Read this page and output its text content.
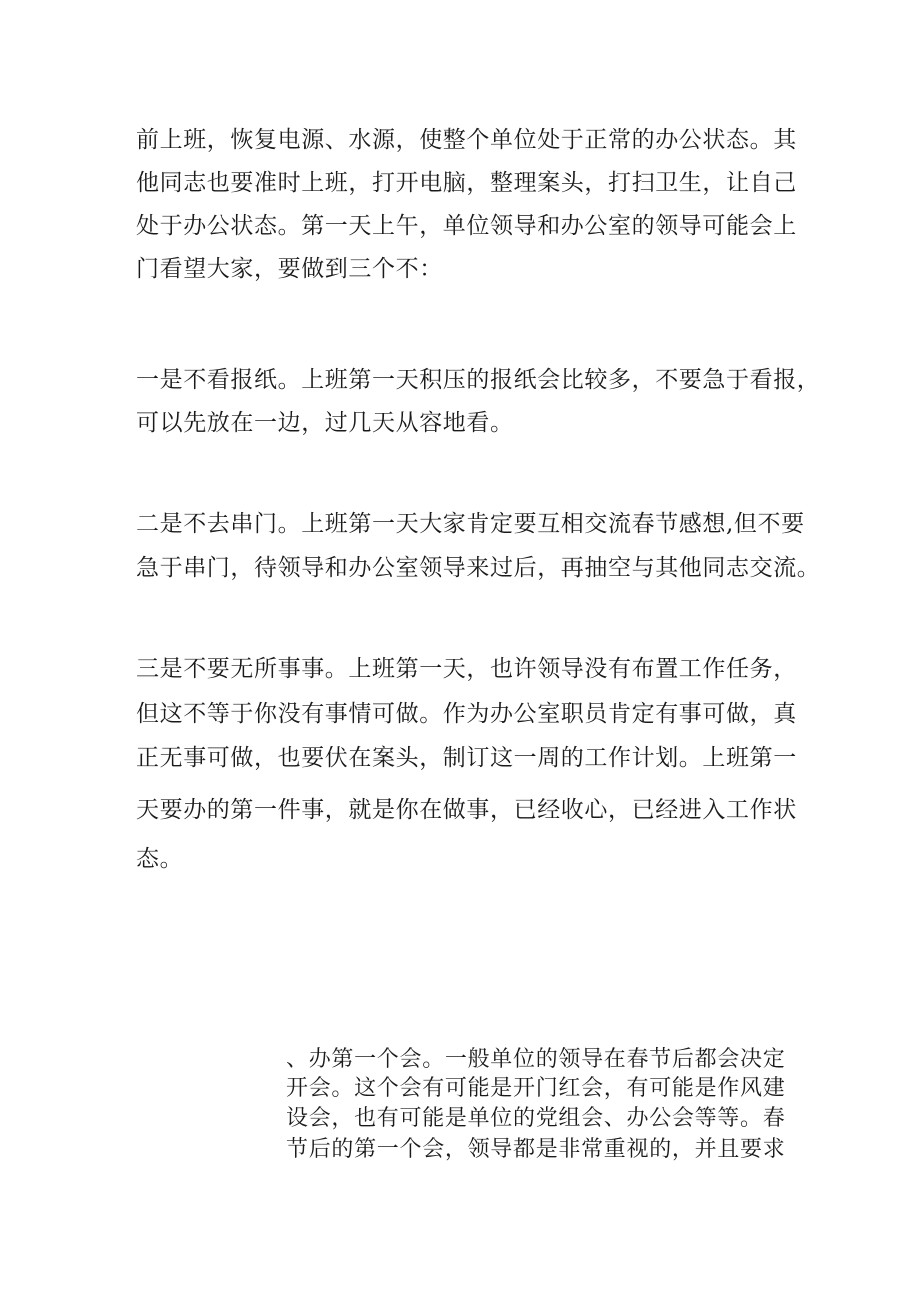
前上班，恢复电源、水源，使整个单位处于正常的办公状态。其
他同志也要准时上班，打开电脑，整理案头，打扫卫生，让自己
处于办公状态。第一天上午，单位领导和办公室的领导可能会上
门看望大家，要做到三个不：
一是不看报纸。上班第一天积压的报纸会比较多，不要急于看报，
可以先放在一边，过几天从容地看。
二是不去串门。上班第一天大家肯定要互相交流春节感想,但不要
急于串门，待领导和办公室领导来过后，再抽空与其他同志交流。
三是不要无所事事。上班第一天，也许领导没有布置工作任务，
但这不等于你没有事情可做。作为办公室职员肯定有事可做，真
正无事可做，也要伏在案头，制订这一周的工作计划。上班第一
天要办的第一件事，就是你在做事，已经收心，已经进入工作状
态。
、办第一个会。一般单位的领导在春节后都会决定
开会。这个会有可能是开门红会，有可能是作风建
设会，也有可能是单位的党组会、办公会等等。春
节后的第一个会，领导都是非常重视的，并且要求
